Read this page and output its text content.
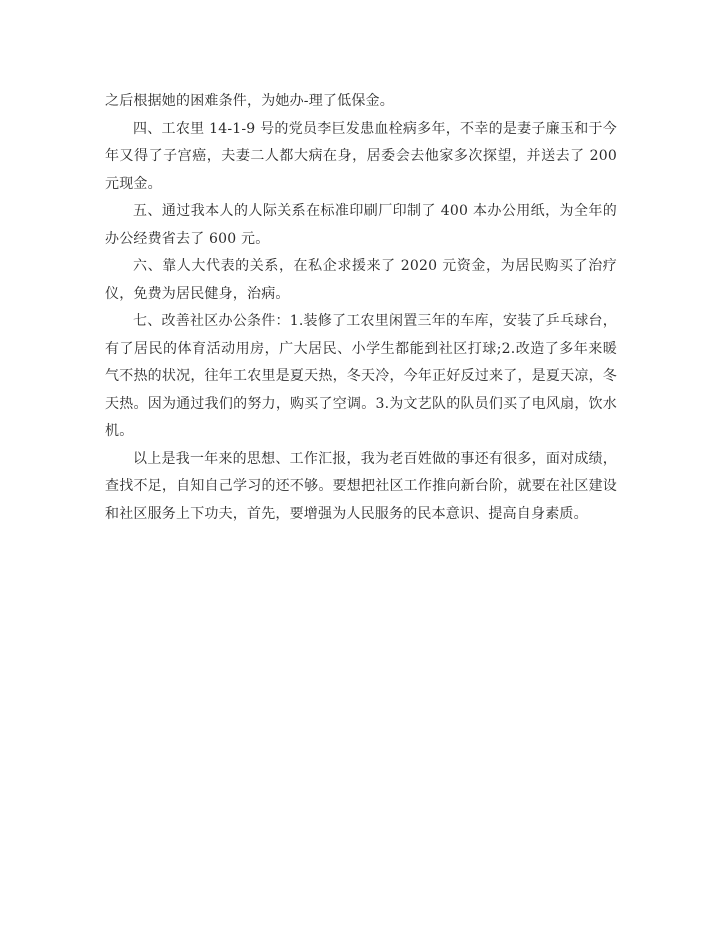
之后根据她的困难条件，为她办-理了低保金。

四、工农里 14-1-9 号的党员李巨发患血栓病多年，不幸的是妻子廉玉和于今年又得了子宫癌，夫妻二人都大病在身，居委会去他家多次探望，并送去了 200 元现金。

五、通过我本人的人际关系在标准印刷厂印制了 400 本办公用纸，为全年的办公经费省去了 600 元。

六、靠人大代表的关系，在私企求援来了 2020 元资金，为居民购买了治疗仪，免费为居民健身，治病。

七、改善社区办公条件：1.装修了工农里闲置三年的车库，安装了乒乓球台，有了居民的体育活动用房，广大居民、小学生都能到社区打球;2.改造了多年来暖气不热的状况，往年工农里是夏天热，冬天冷，今年正好反过来了，是夏天凉，冬天热。因为通过我们的努力，购买了空调。3.为文艺队的队员们买了电风扇，饮水机。

以上是我一年来的思想、工作汇报，我为老百姓做的事还有很多，面对成绩，查找不足，自知自己学习的还不够。要想把社区工作推向新台阶，就要在社区建设和社区服务上下功夫，首先，要增强为人民服务的民本意识、提高自身素质。
